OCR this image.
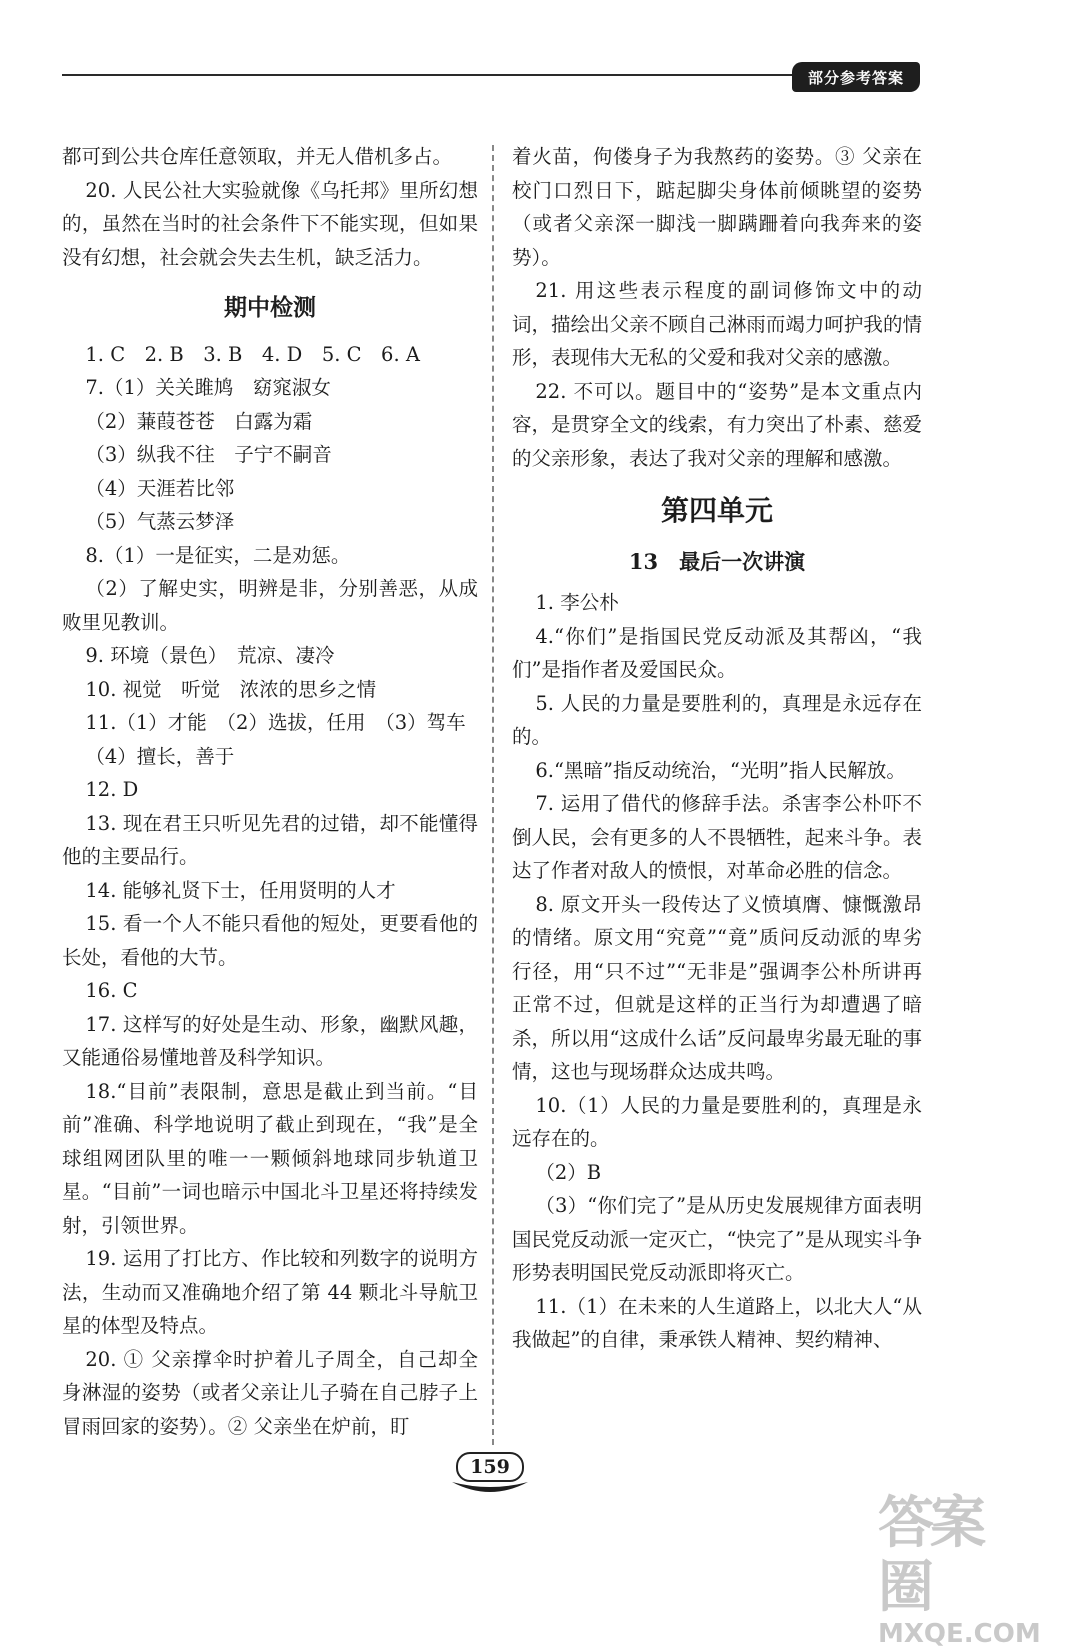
部分参考答案
都可到公共仓库任意领取，并无人借机多占。
20. 人民公社大实验就像《乌托邦》里所幻想的，虽然在当时的社会条件下不能实现，但如果没有幻想，社会就会失去生机，缺乏活力。
期中检测
1. C　2. B　3. B　4. D　5. C　6. A
7.（1）关关雎鸠　窈窕淑女
（2）蒹葭苍苍　白露为霜
（3）纵我不往　子宁不嗣音
（4）天涯若比邻
（5）气蒸云梦泽
8.（1）一是征实，二是劝惩。
（2）了解史实，明辨是非，分别善恶，从成败里见教训。
9. 环境（景色）　荒凉、凄冷
10. 视觉　听觉　浓浓的思乡之情
11.（1）才能　（2）选拔，任用　（3）驾车
（4）擅长，善于
12. D
13. 现在君王只听见先君的过错，却不能懂得他的主要品行。
14. 能够礼贤下士，任用贤明的人才
15. 看一个人不能只看他的短处，更要看他的长处，看他的大节。
16. C
17. 这样写的好处是生动、形象，幽默风趣，又能通俗易懂地普及科学知识。
18.“目前”表限制，意思是截止到当前。“目前”准确、科学地说明了截止到现在，“我”是全球组网团队里的唯一一颗倾斜地球同步轨道卫星。“目前”一词也暗示中国北斗卫星还将持续发射，引领世界。
19. 运用了打比方、作比较和列数字的说明方法，生动而又准确地介绍了第 44 颗北斗导航卫星的体型及特点。
20. ① 父亲撑伞时护着儿子周全，自己却全身淋湿的姿势（或者父亲让儿子骑在自己脖子上冒雨回家的姿势）。② 父亲坐在炉前，盯
着火苗，佝偻身子为我熬药的姿势。③ 父亲在校门口烈日下，踮起脚尖身体前倾眺望的姿势（或者父亲深一脚浅一脚蹒跚着向我奔来的姿势）。
21. 用这些表示程度的副词修饰文中的动词，描绘出父亲不顾自己淋雨而竭力呵护我的情形，表现伟大无私的父爱和我对父亲的感激。
22. 不可以。题目中的“姿势”是本文重点内容，是贯穿全文的线索，有力突出了朴素、慈爱的父亲形象，表达了我对父亲的理解和感激。
第四单元
13　最后一次讲演
1. 李公朴
4.“你们”是指国民党反动派及其帮凶，“我们”是指作者及爱国民众。
5. 人民的力量是要胜利的，真理是永远存在的。
6.“黑暗”指反动统治，“光明”指人民解放。
7. 运用了借代的修辞手法。杀害李公朴吓不倒人民，会有更多的人不畏牺牲，起来斗争。表达了作者对敌人的愤恨，对革命必胜的信念。
8. 原文开头一段传达了义愤填膺、慷慨激昂的情绪。原文用“究竟”“竟”质问反动派的卑劣行径，用“只不过”“无非是”强调李公朴所讲再正常不过，但就是这样的正当行为却遭遇了暗杀，所以用“这成什么话”反问最卑劣最无耻的事情，这也与现场群众达成共鸣。
10.（1）人民的力量是要胜利的，真理是永远存在的。
（2）B
（3）“你们完了”是从历史发展规律方面表明国民党反动派一定灭亡，“快完了”是从现实斗争形势表明国民党反动派即将灭亡。
11.（1）在未来的人生道路上，以北大人“从我做起”的自律，秉承铁人精神、契约精神、
159
答案圈
MXQE.COM
